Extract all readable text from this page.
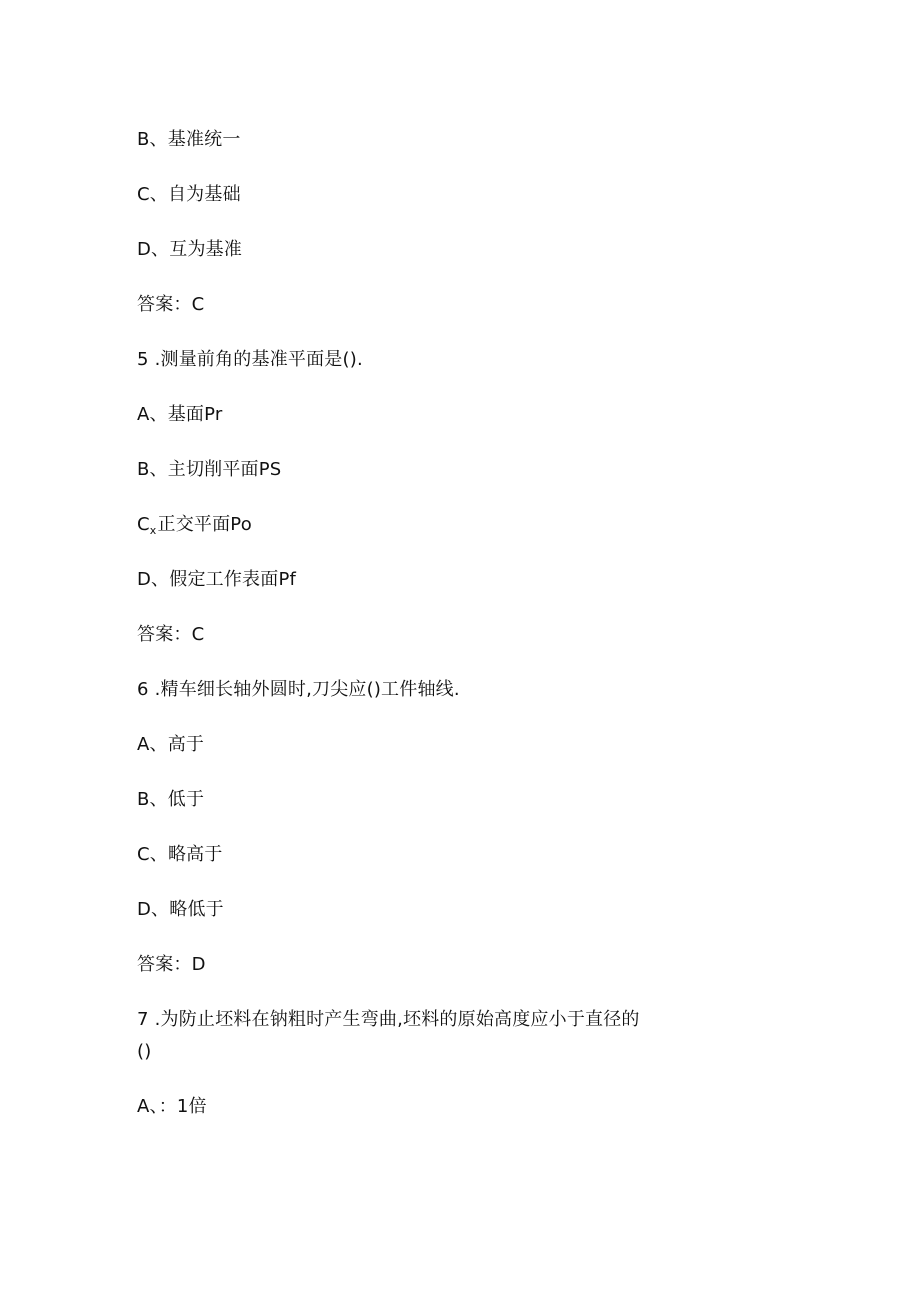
B、基准统一
C、自为基础
D、互为基准
答案：C
5 .测量前角的基准平面是().
A、基面Pr
B、主切削平面PS
$C_x$正交平面Po
D、假定工作表面Pf
答案：C
6 .精车细长轴外圆时,刀尖应()工件轴线.
A、高于
B、低于
C、略高于
D、略低于
答案：D
7 .为防止坯料在钠粗时产生弯曲,坯料的原始高度应小于直径的
()
A、：1倍
